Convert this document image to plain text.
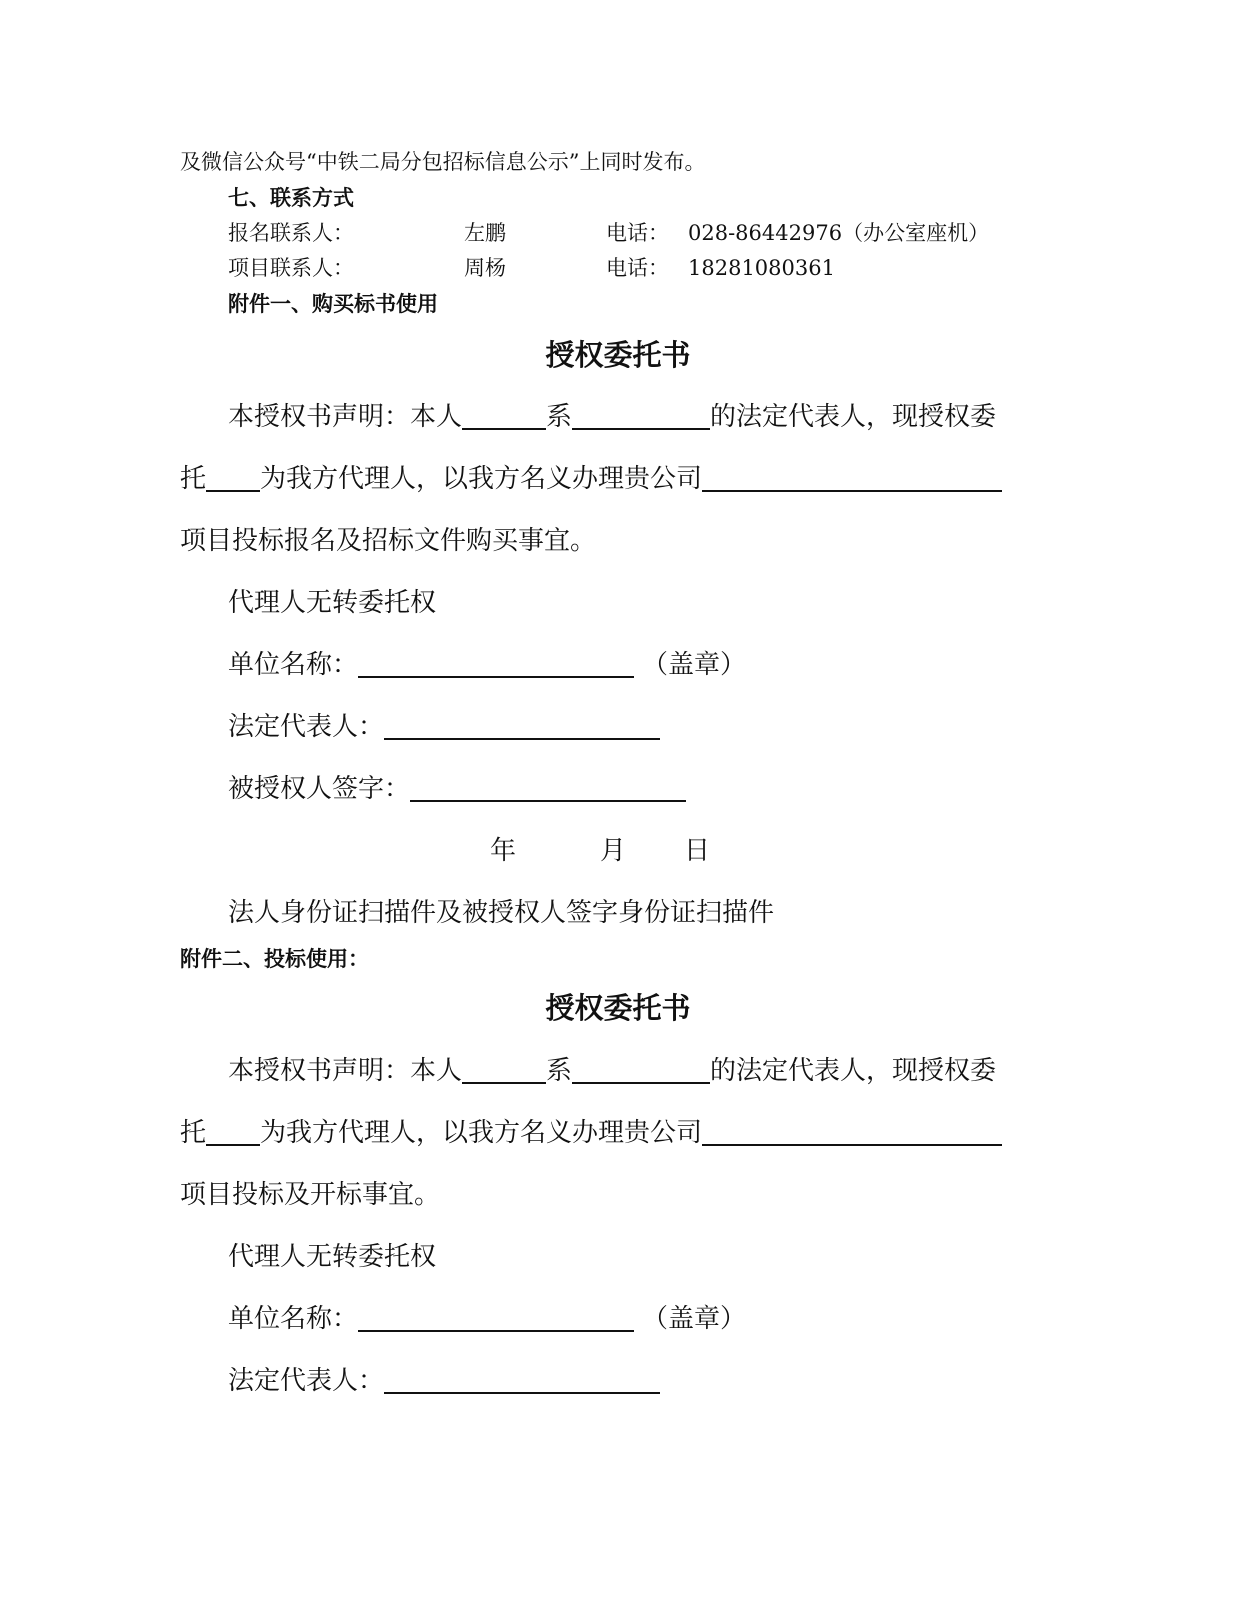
及微信公众号“中铁二局分包招标信息公示”上同时发布。
七、联系方式
报名联系人：	左鹏	电话： 028-86442976（办公室座机）
项目联系人：	周杨	电话： 18281080361
附件一、购买标书使用
授权委托书
本授权书声明：本人	系	的法定代表人，现授权委
托 为我方代理人，以我方名义办理贵公司
项目投标报名及招标文件购买事宜。
代理人无转委托权
单位名称：	（盖章）
法定代表人：
被授权人签字：
年	月 日
法人身份证扫描件及被授权人签字身份证扫描件
附件二、投标使用：
授权委托书
本授权书声明：本人	系	的法定代表人，现授权委
托 为我方代理人，以我方名义办理贵公司
项目投标及开标事宜。
代理人无转委托权
单位名称：	（盖章）
法定代表人：
